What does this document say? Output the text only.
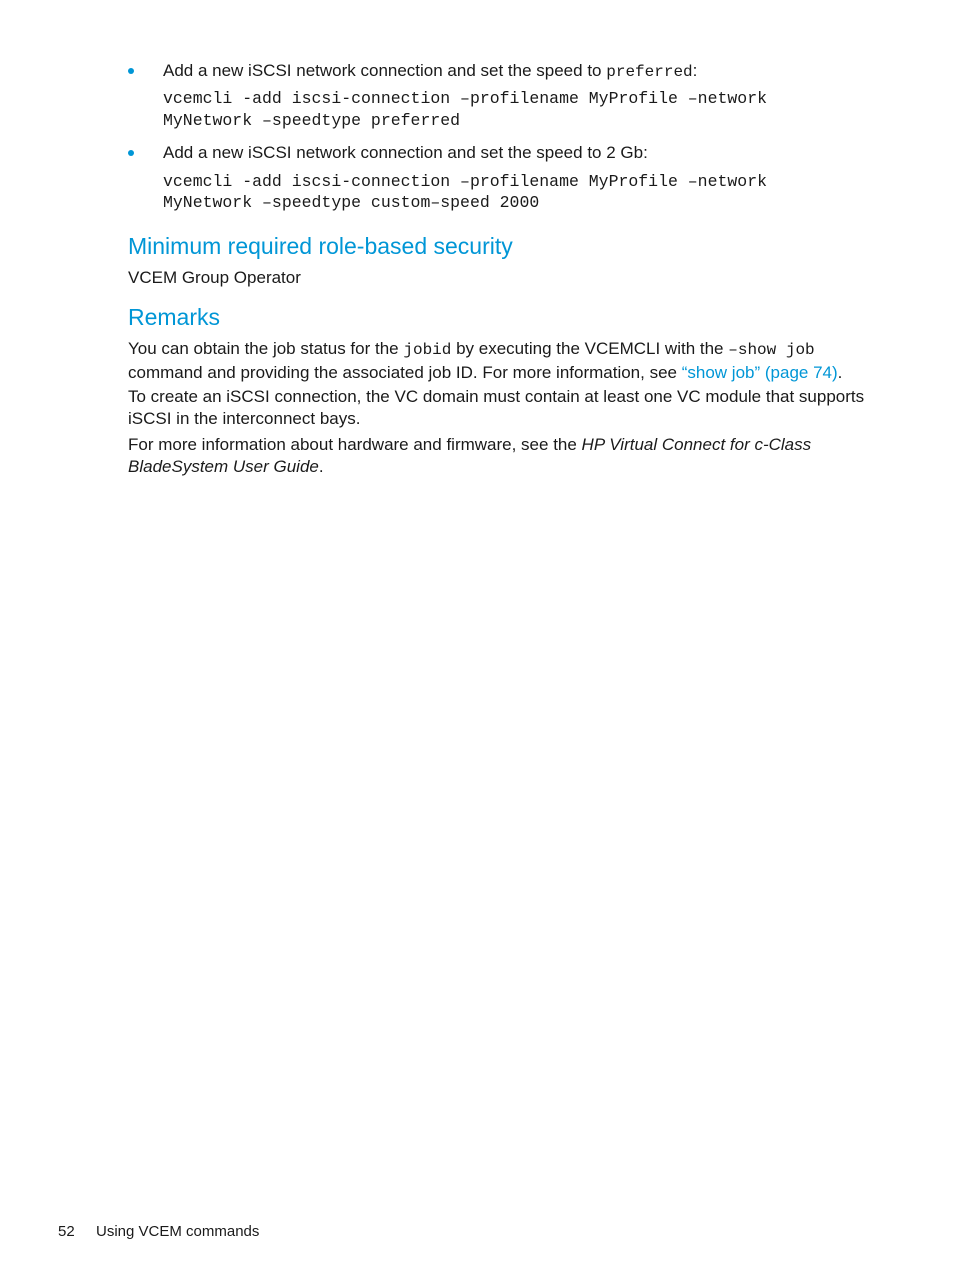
Add a new iSCSI network connection and set the speed to preferred:
vcemcli -add iscsi-connection –profilename MyProfile –network
MyNetwork –speedtype preferred
Add a new iSCSI network connection and set the speed to 2 Gb:
vcemcli -add iscsi-connection –profilename MyProfile –network
MyNetwork –speedtype custom–speed 2000
Minimum required role-based security
VCEM Group Operator
Remarks
You can obtain the job status for the jobid by executing the VCEMCLI with the –show job
command and providing the associated job ID. For more information, see “show job” (page 74).
To create an iSCSI connection, the VC domain must contain at least one VC module that supports iSCSI in the interconnect bays.
For more information about hardware and firmware, see the HP Virtual Connect for c-Class BladeSystem User Guide.
52 Using VCEM commands
